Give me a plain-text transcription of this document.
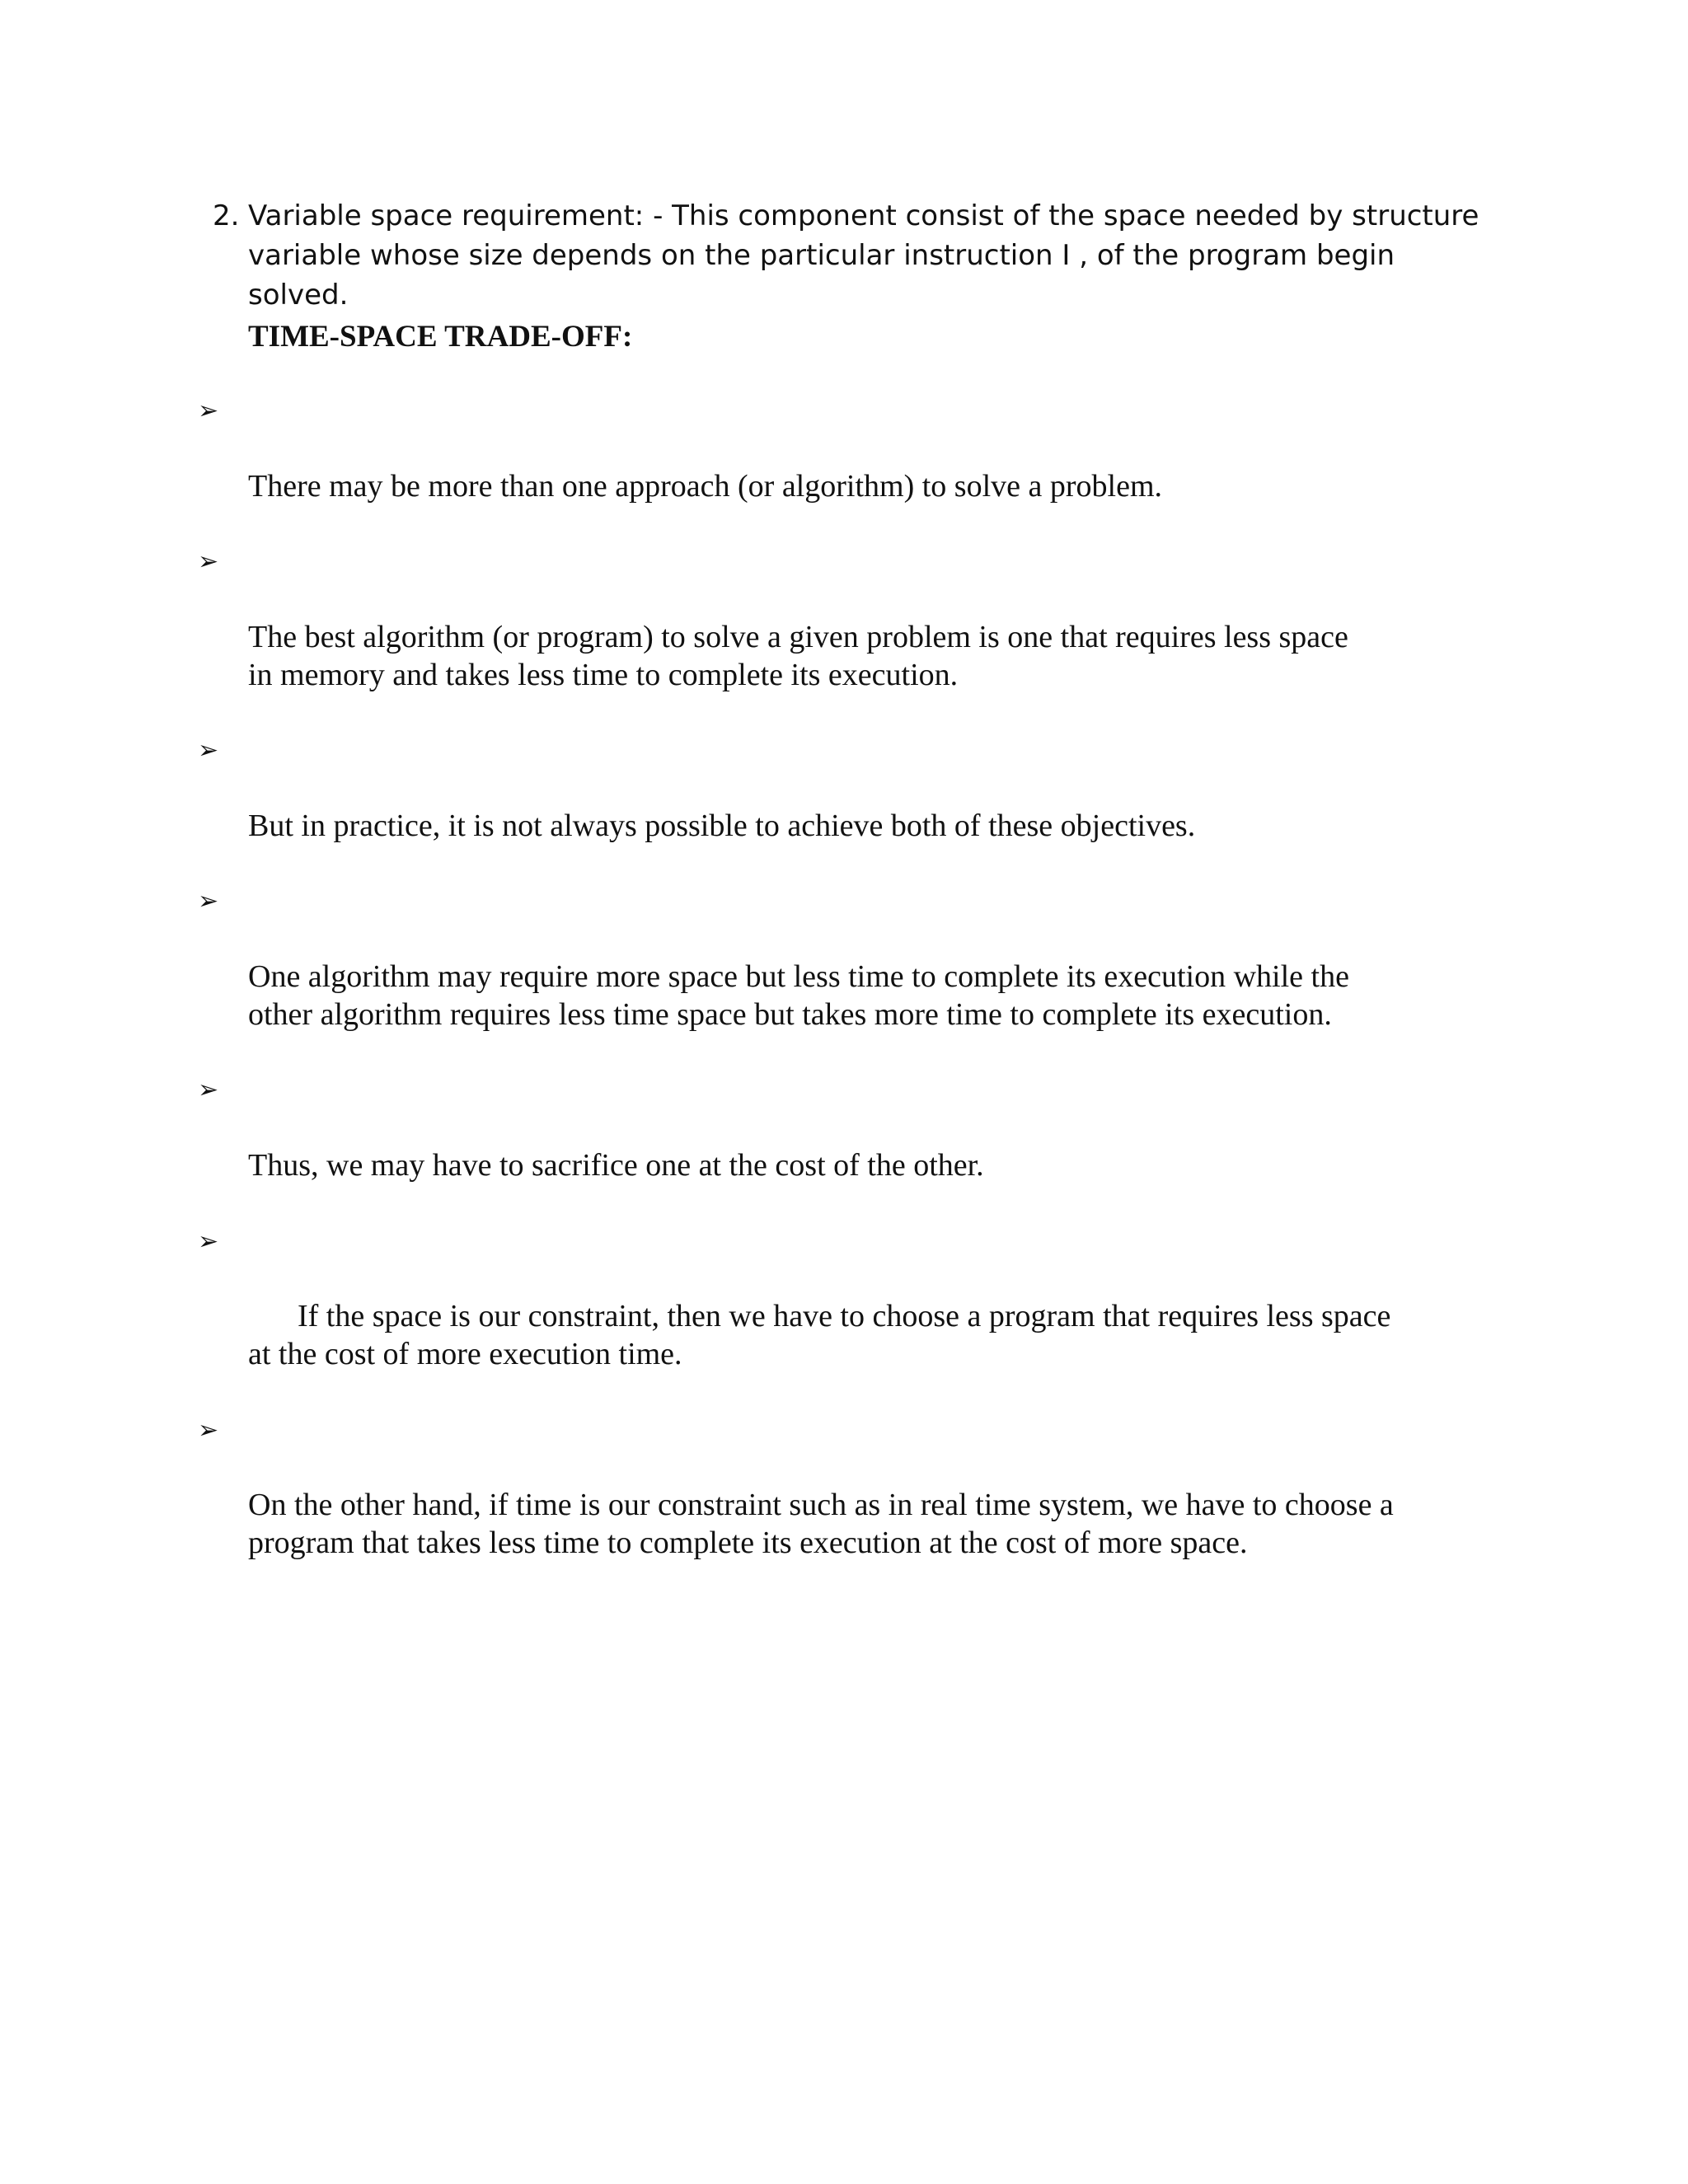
2. Variable space requirement: - This component consist of the space needed by structure
variable whose size depends on the particular instruction I , of the program begin solved.
TIME-SPACE TRADE-OFF:

➢

There may be more than one approach (or algorithm) to solve a problem.

➢

The best algorithm (or program) to solve a given problem is one that requires less space
in memory and takes less time to complete its execution.

➢

But in practice, it is not always possible to achieve both of these objectives.

➢

One algorithm may require more space but less time to complete its execution while the
other algorithm requires less time space but takes more time to complete its execution.

➢

Thus, we may have to sacrifice one at the cost of the other.

➢

If the space is our constraint, then we have to choose a program that requires less space
at the cost of more execution time.

➢

On the other hand, if time is our constraint such as in real time system, we have to choose a
program that takes less time to complete its execution at the cost of more space.
